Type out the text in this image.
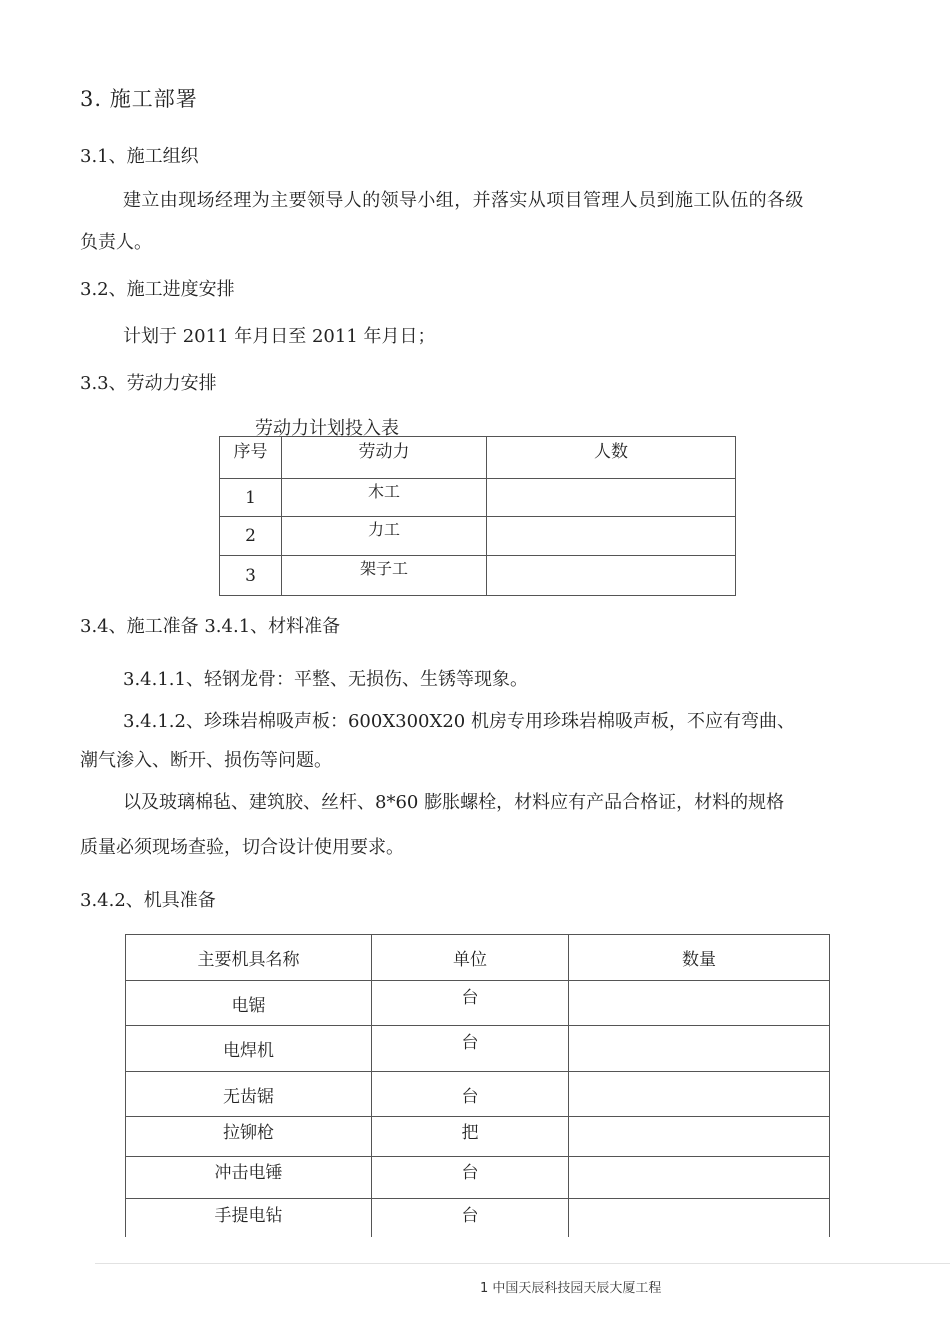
3. 施工部署
3.1、施工组织
建立由现场经理为主要领导人的领导小组，并落实从项目管理人员到施工队伍的各级
负责人。
3.2、施工进度安排
计划于 2011 年月日至 2011 年月日；
3.3、劳动力安排
劳动力计划投入表
序号	劳动力	人数
1	木工	
2	力工	
3	架子工	
3.4、施工准备 3.4.1、材料准备
3.4.1.1、轻钢龙骨：平整、无损伤、生锈等现象。
3.4.1.2、珍珠岩棉吸声板：600X300X20 机房专用珍珠岩棉吸声板，不应有弯曲、
潮气渗入、断开、损伤等问题。
以及玻璃棉毡、建筑胶、丝杆、8*60 膨胀螺栓，材料应有产品合格证，材料的规格
质量必须现场查验，切合设计使用要求。
3.4.2、机具准备
主要机具名称	单位	数量
电锯	台	
电焊机	台	
无齿锯	台	
拉铆枪	把	
冲击电锤	台	
手提电钻	台	
1 中国天辰科技园天辰大厦工程
